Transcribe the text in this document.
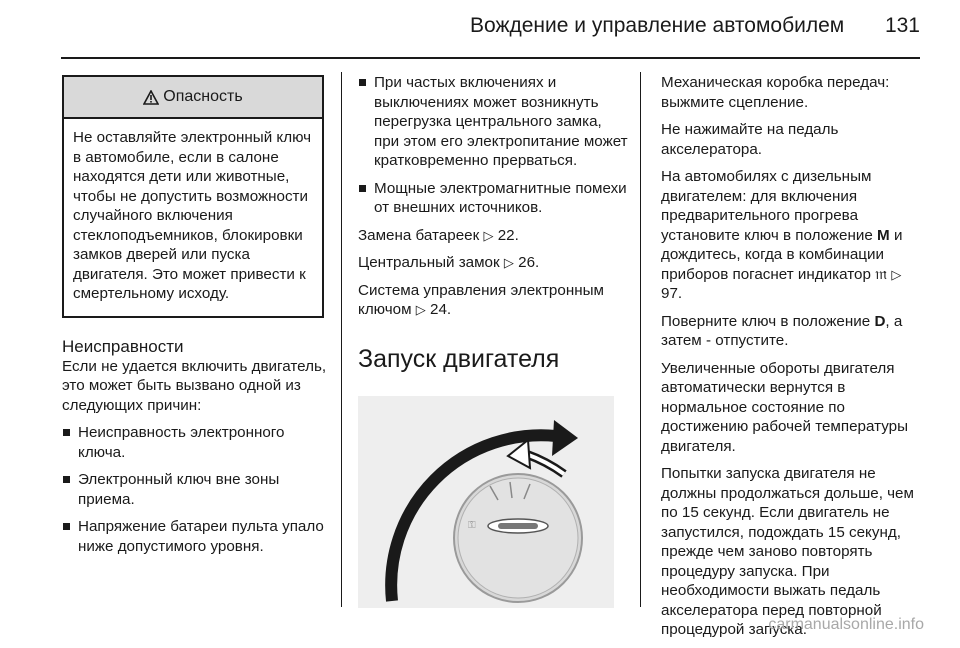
Вождение и управление автомобилем 131
Опасность
Не оставляйте электронный ключ в автомобиле, если в салоне находятся дети или животные, чтобы не допустить возможности случайного включения стеклоподъемников, блокировки замков дверей или пуска двигателя. Это может привести к смертельному исходу.
Неисправности

Если не удается включить двигатель, это может быть вызвано одной из следующих причин:

Неисправность электронного ключа.
Электронный ключ вне зоны приема.
Напряжение батареи пульта упало ниже допустимого уровня.
При частых включениях и выключениях может возникнуть перегрузка центрального замка, при этом его электропитание может кратковременно прерваться.
Мощные электромагнитные помехи от внешних источников.

Замена батареек ▷ 22.

Центральный замок ▷ 26.

Система управления электронным ключом ▷ 24.

Запуск двигателя
⚿

Механическая коробка передач: выжмите сцепление.

Не нажимайте на педаль акселератора.

На автомобилях с дизельным двигателем: для включения предварительного прогрева установите ключ в положение M и дождитесь, когда в комбинации приборов погаснет индикатор 𝔪 ▷ 97.

Поверните ключ в положение D, а затем - отпустите.

Увеличенные обороты двигателя автоматически вернутся в нормальное состояние по достижению рабочей температуры двигателя.

Попытки запуска двигателя не должны продолжаться дольше, чем по 15 секунд. Если двигатель не запустился, подождать 15 секунд, прежде чем заново повторять процедуру запуска. При необходимости выжать педаль акселератора перед повторной процедурой запуска.

carmanualsonline.info
